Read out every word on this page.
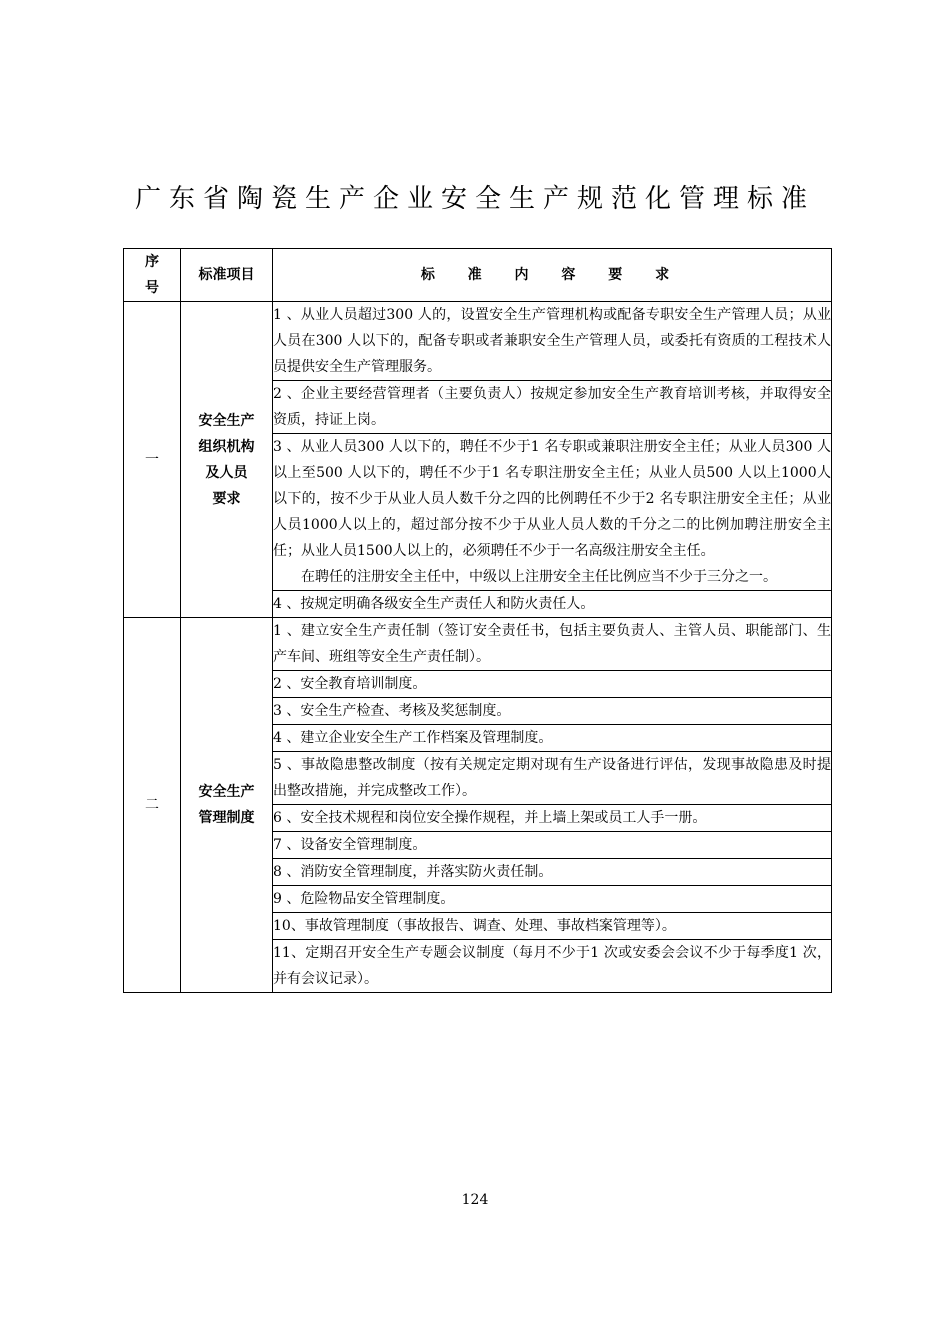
广东省陶瓷生产企业安全生产规范化管理标准
序
号	标准项目	标 准 内 容 要 求
一	安全生产
组织机构
及人员
要求	1 、从业人员超过300 人的，设置安全生产管理机构或配备专职安全生产管理人员；从业人员在300 人以下的，配备专职或者兼职安全生产管理人员，或委托有资质的工程技术人员提供安全生产管理服务。

		2 、企业主要经营管理者（主要负责人）按规定参加安全生产教育培训考核，并取得安全资质，持证上岗。

		3 、从业人员300 人以下的，聘任不少于1 名专职或兼职注册安全主任；从业人员300 人以上至500 人以下的，聘任不少于1 名专职注册安全主任；从业人员500 人以上1000人以下的，按不少于从业人员人数千分之四的比例聘任不少于2 名专职注册安全主任；从业人员1000人以上的，超过部分按不少于从业人员人数的千分之二的比例加聘注册安全主任；从业人员1500人以上的，必须聘任不少于一名高级注册安全主任。

在聘任的注册安全主任中，中级以上注册安全主任比例应当不少于三分之一。

		4 、按规定明确各级安全生产责任人和防火责任人。

二	安全生产
管理制度	1 、建立安全生产责任制（签订安全责任书，包括主要负责人、主管人员、职能部门、生产车间、班组等安全生产责任制）。

		2 、安全教育培训制度。

		3 、安全生产检查、考核及奖惩制度。

		4 、建立企业安全生产工作档案及管理制度。

		5 、事故隐患整改制度（按有关规定定期对现有生产设备进行评估，发现事故隐患及时提出整改措施，并完成整改工作）。

		6 、安全技术规程和岗位安全操作规程，并上墙上架或员工人手一册。

		7 、设备安全管理制度。

		8 、消防安全管理制度，并落实防火责任制。

		9 、危险物品安全管理制度。

		10、事故管理制度（事故报告、调查、处理、事故档案管理等）。

		11、定期召开安全生产专题会议制度（每月不少于1 次或安委会会议不少于每季度1 次，并有会议记录）。

124
